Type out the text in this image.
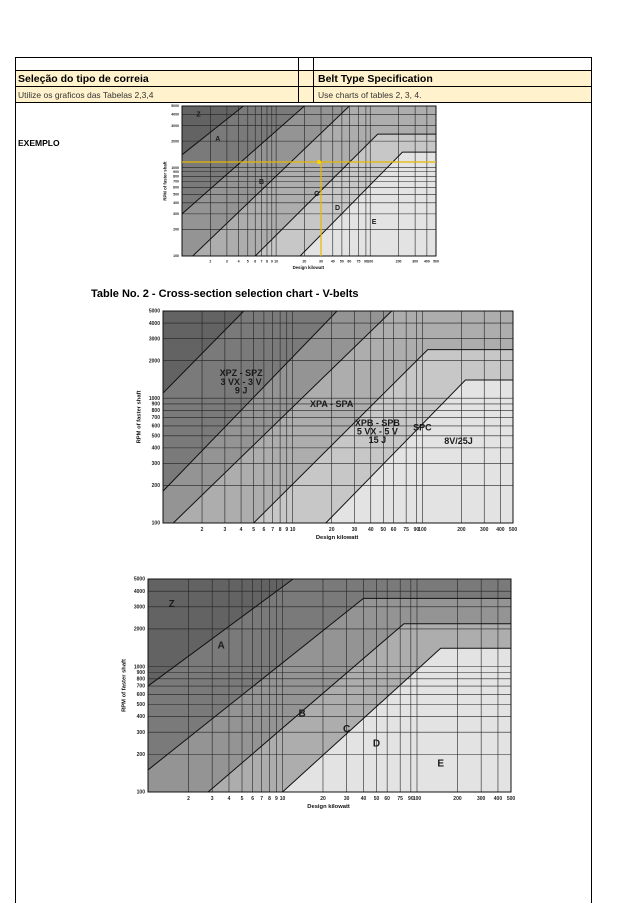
Seleção do tipo de correia	Belt Type Specification
Utilize os graficos das Tabelas 2,3,4	Use charts of tables 2, 3, 4.
EXEMPLO
Table No. 2 - Cross-section selection chart - V-belts
2	3	4 5 6 7 8 9 10	20	30 40 50 60 75 90 100	200	300 400 500
5000
4000
3000
2000
1000
900
800
700
600
500
400
300
200
100
Design kilowatt
RPM of faster shaft
Z
A
B
C
D
E
2	3	4 5 6 7 8 9 10	20	30 40 50 60 75 90
100	200	300 400 500
5000
4000
3000
2000
1000
900
800
700
600
500
400
300
200
100
Design kilowatt
RPM of faster shaft
XPZ - SPZ
3 VX - 3 V
9 J
XPA - SPA
XPB - SPB
5 VX - 5 V
15 J
SPC
8V/25J
2	3	4 5 6 7 8 9 10	20	30 40 50 60 75 90 100	200	300 400 500
5000
4000
3000
2000
1000
900
800
700
600
500
400
300
200
100
Design kilowatt
RPM of faster shaft
Z
A
B
C
D
E
